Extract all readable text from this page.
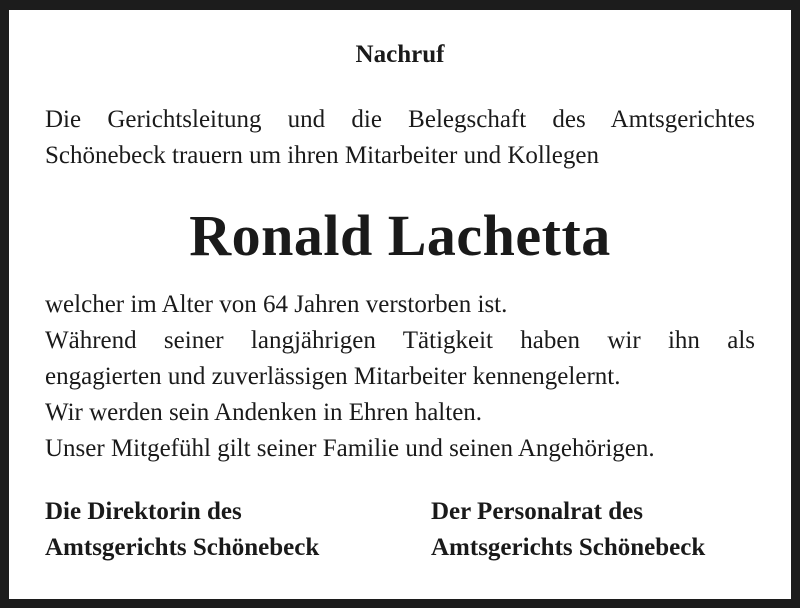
Nachruf
Die Gerichtsleitung und die Belegschaft des Amtsgerichtes
Schönebeck trauern um ihren Mitarbeiter und Kollegen
Ronald Lachetta
welcher im Alter von 64 Jahren verstorben ist.
Während seiner langjährigen Tätigkeit haben wir ihn als
engagierten und zuverlässigen Mitarbeiter kennengelernt.
Wir werden sein Andenken in Ehren halten.
Unser Mitgefühl gilt seiner Familie und seinen Angehörigen.
Die Direktorin des
Amtsgerichts Schönebeck
Der Personalrat des
Amtsgerichts Schönebeck
